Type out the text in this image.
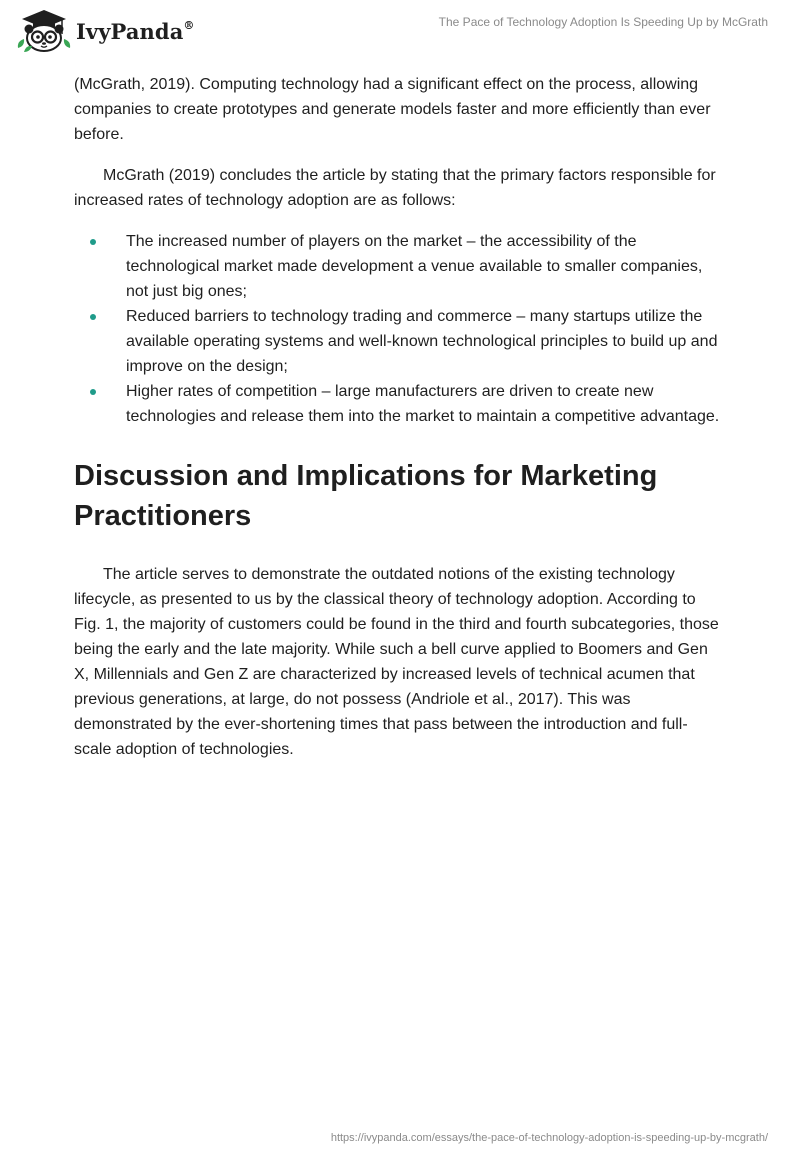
IvyPanda®	The Pace of Technology Adoption Is Speeding Up by McGrath

(McGrath, 2019). Computing technology had a significant effect on the process, allowing companies to create prototypes and generate models faster and more efficiently than ever before.

McGrath (2019) concludes the article by stating that the primary factors responsible for increased rates of technology adoption are as follows:

The increased number of players on the market – the accessibility of the technological market made development a venue available to smaller companies, not just big ones;
Reduced barriers to technology trading and commerce – many startups utilize the available operating systems and well-known technological principles to build up and improve on the design;
Higher rates of competition – large manufacturers are driven to create new technologies and release them into the market to maintain a competitive advantage.
Discussion and Implications for Marketing Practitioners

The article serves to demonstrate the outdated notions of the existing technology lifecycle, as presented to us by the classical theory of technology adoption. According to Fig. 1, the majority of customers could be found in the third and fourth subcategories, those being the early and the late majority. While such a bell curve applied to Boomers and Gen X, Millennials and Gen Z are characterized by increased levels of technical acumen that previous generations, at large, do not possess (Andriole et al., 2017). This was demonstrated by the ever-shortening times that pass between the introduction and full-scale adoption of technologies.

https://ivypanda.com/essays/the-pace-of-technology-adoption-is-speeding-up-by-mcgrath/
